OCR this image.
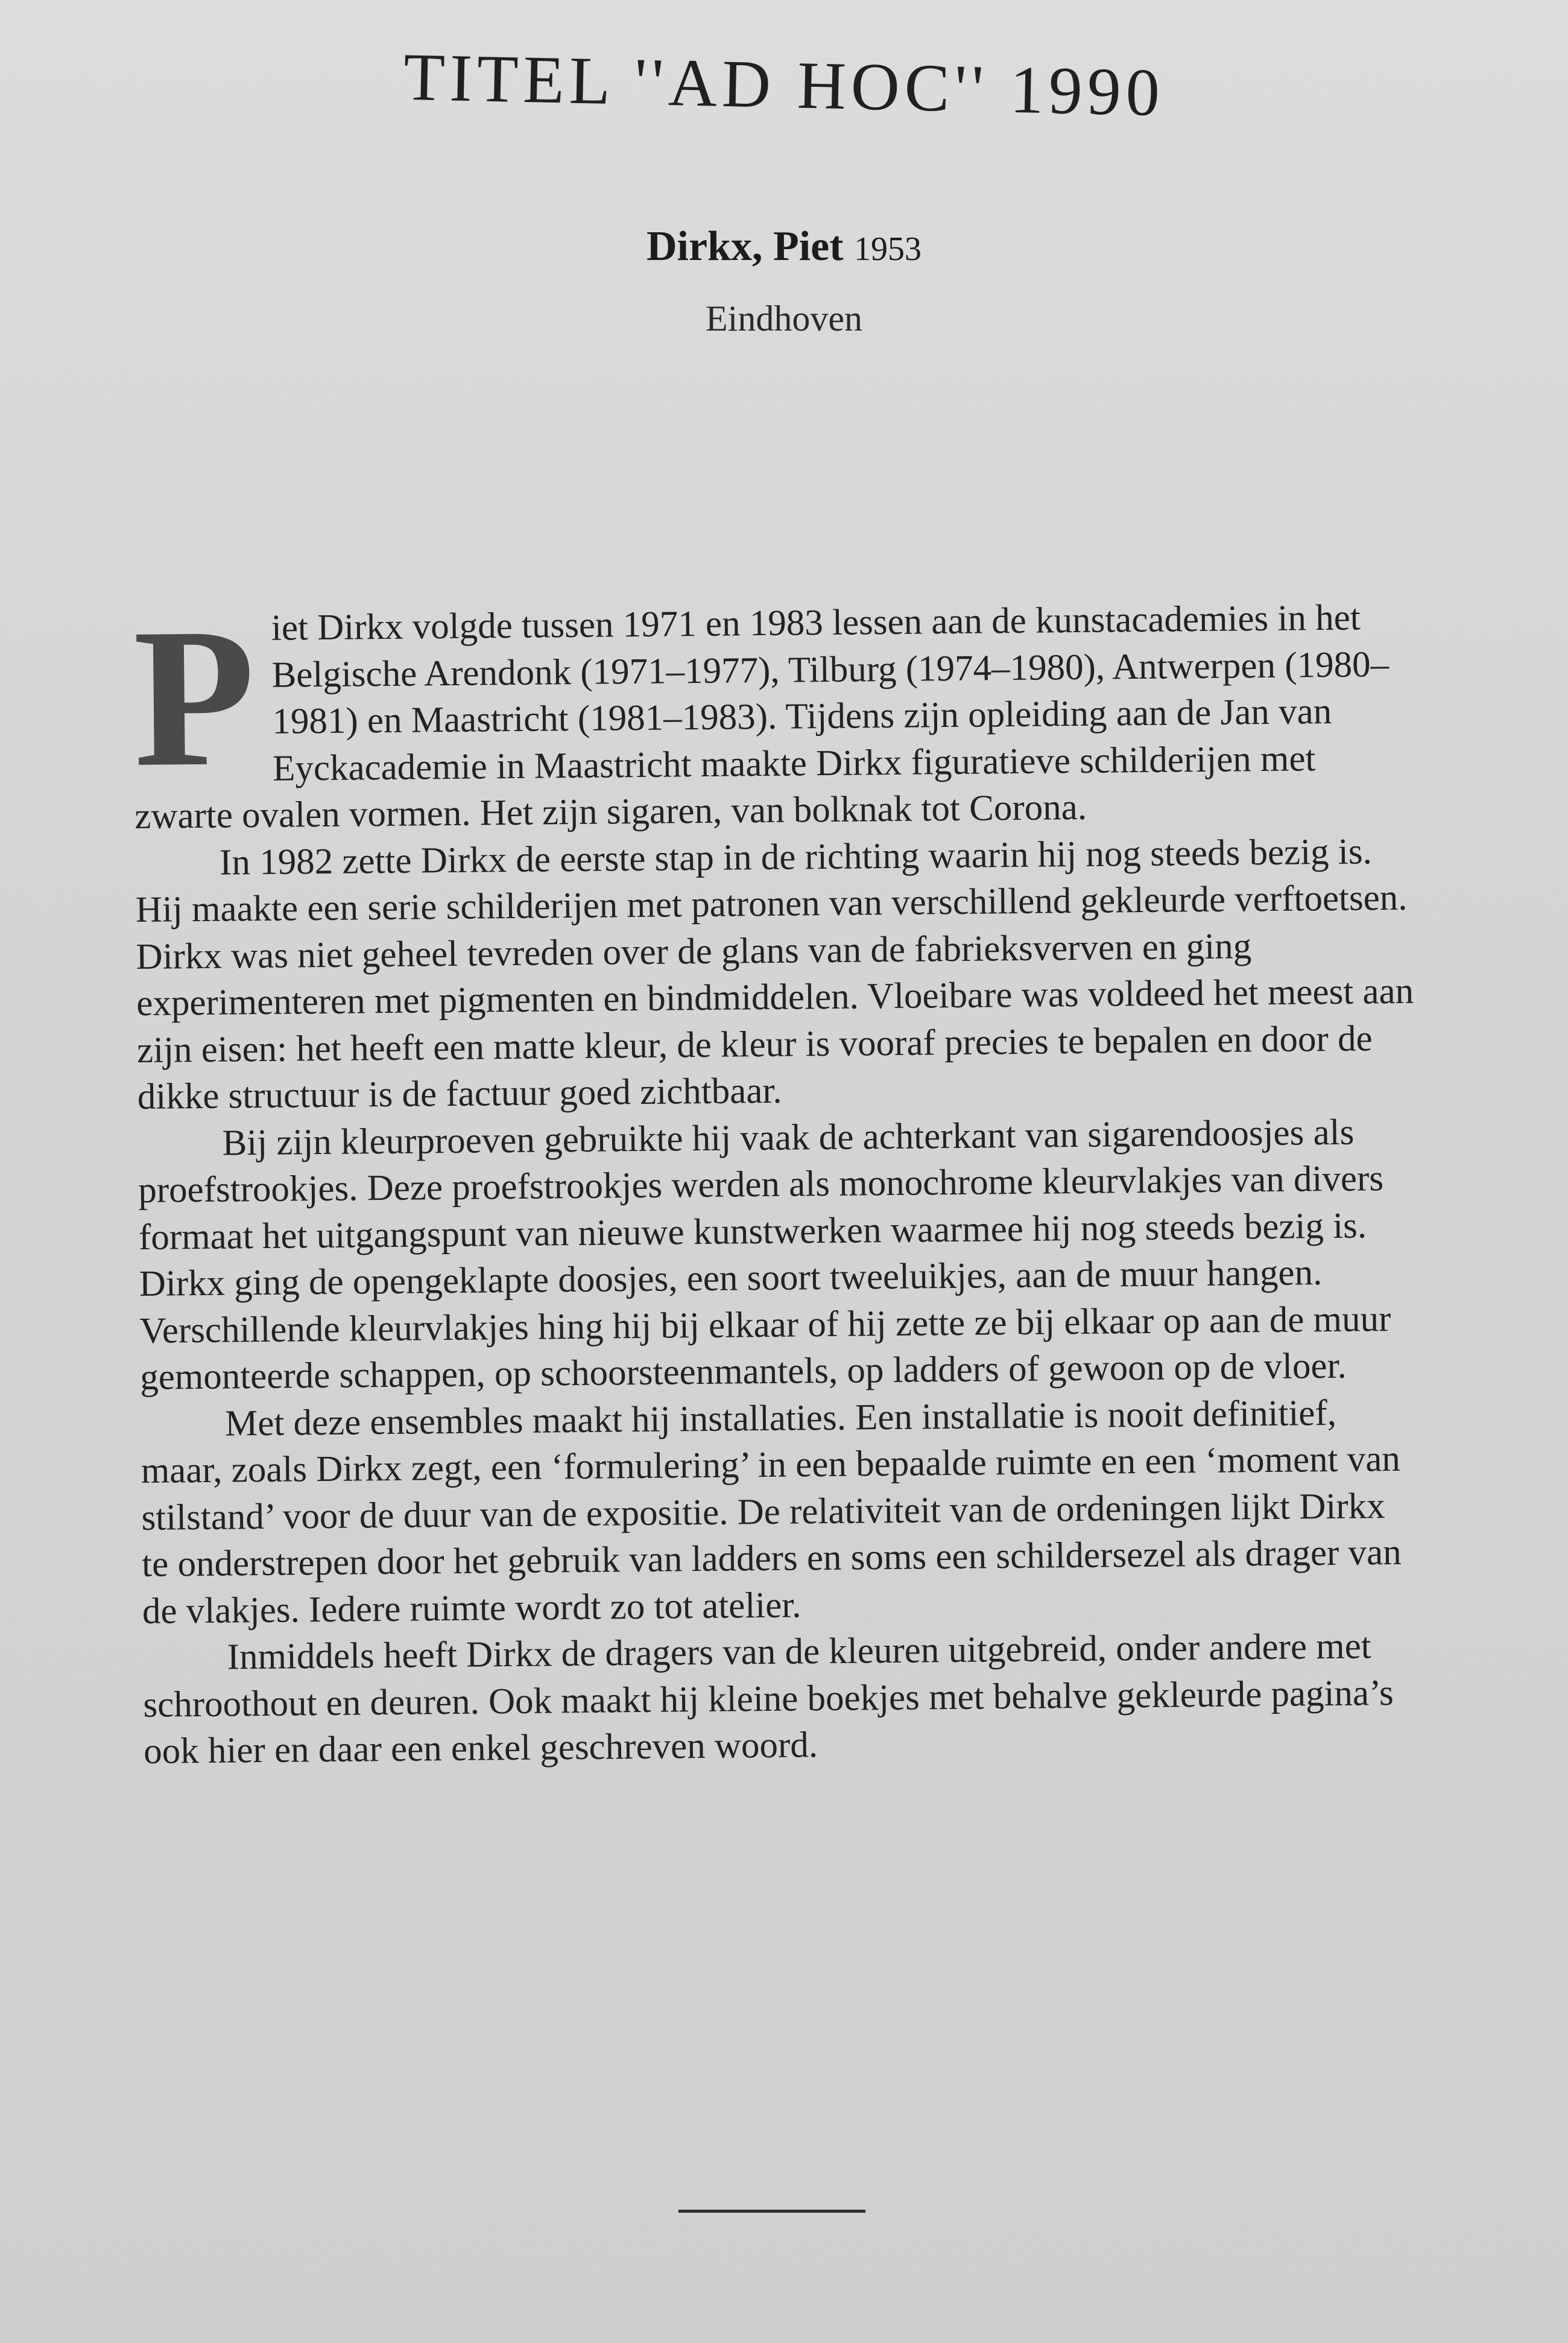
TITEL ''AD HOC'' 1990
Dirkx, Piet 1953
Eindhoven

Piet Dirkx volgde tussen 1971 en 1983 lessen aan de kunstacademies in het Belgische Arendonk (1971–1977), Tilburg (1974–1980), Antwerpen (1980–1981) en Maastricht (1981–1983). Tijdens zijn opleiding aan de Jan van Eyckacademie in Maastricht maakte Dirkx figuratieve schilderijen met zwarte ovalen vormen. Het zijn sigaren, van bolknak tot Corona.

In 1982 zette Dirkx de eerste stap in de richting waarin hij nog steeds bezig is. Hij maakte een serie schilderijen met patronen van verschillend gekleurde verftoetsen. Dirkx was niet geheel tevreden over de glans van de fabrieksverven en ging experimenteren met pigmenten en bindmiddelen. Vloeibare was voldeed het meest aan zijn eisen: het heeft een matte kleur, de kleur is vooraf precies te bepalen en door de dikke structuur is de factuur goed zichtbaar.

Bij zijn kleurproeven gebruikte hij vaak de achterkant van sigarendoosjes als proefstrookjes. Deze proefstrookjes werden als monochrome kleurvlakjes van divers formaat het uitgangspunt van nieuwe kunstwerken waarmee hij nog steeds bezig is. Dirkx ging de opengeklapte doosjes, een soort tweeluikjes, aan de muur hangen. Verschillende kleurvlakjes hing hij bij elkaar of hij zette ze bij elkaar op aan de muur gemonteerde schappen, op schoorsteenmantels, op ladders of gewoon op de vloer.

Met deze ensembles maakt hij installaties. Een installatie is nooit definitief, maar, zoals Dirkx zegt, een ‘formulering’ in een bepaalde ruimte en een ‘moment van stilstand’ voor de duur van de expositie. De relativiteit van de ordeningen lijkt Dirkx te onderstrepen door het gebruik van ladders en soms een schildersezel als drager van de vlakjes. Iedere ruimte wordt zo tot atelier.

Inmiddels heeft Dirkx de dragers van de kleuren uitgebreid, onder andere met schroothout en deuren. Ook maakt hij kleine boekjes met behalve gekleurde pagina’s ook hier en daar een enkel geschreven woord.
